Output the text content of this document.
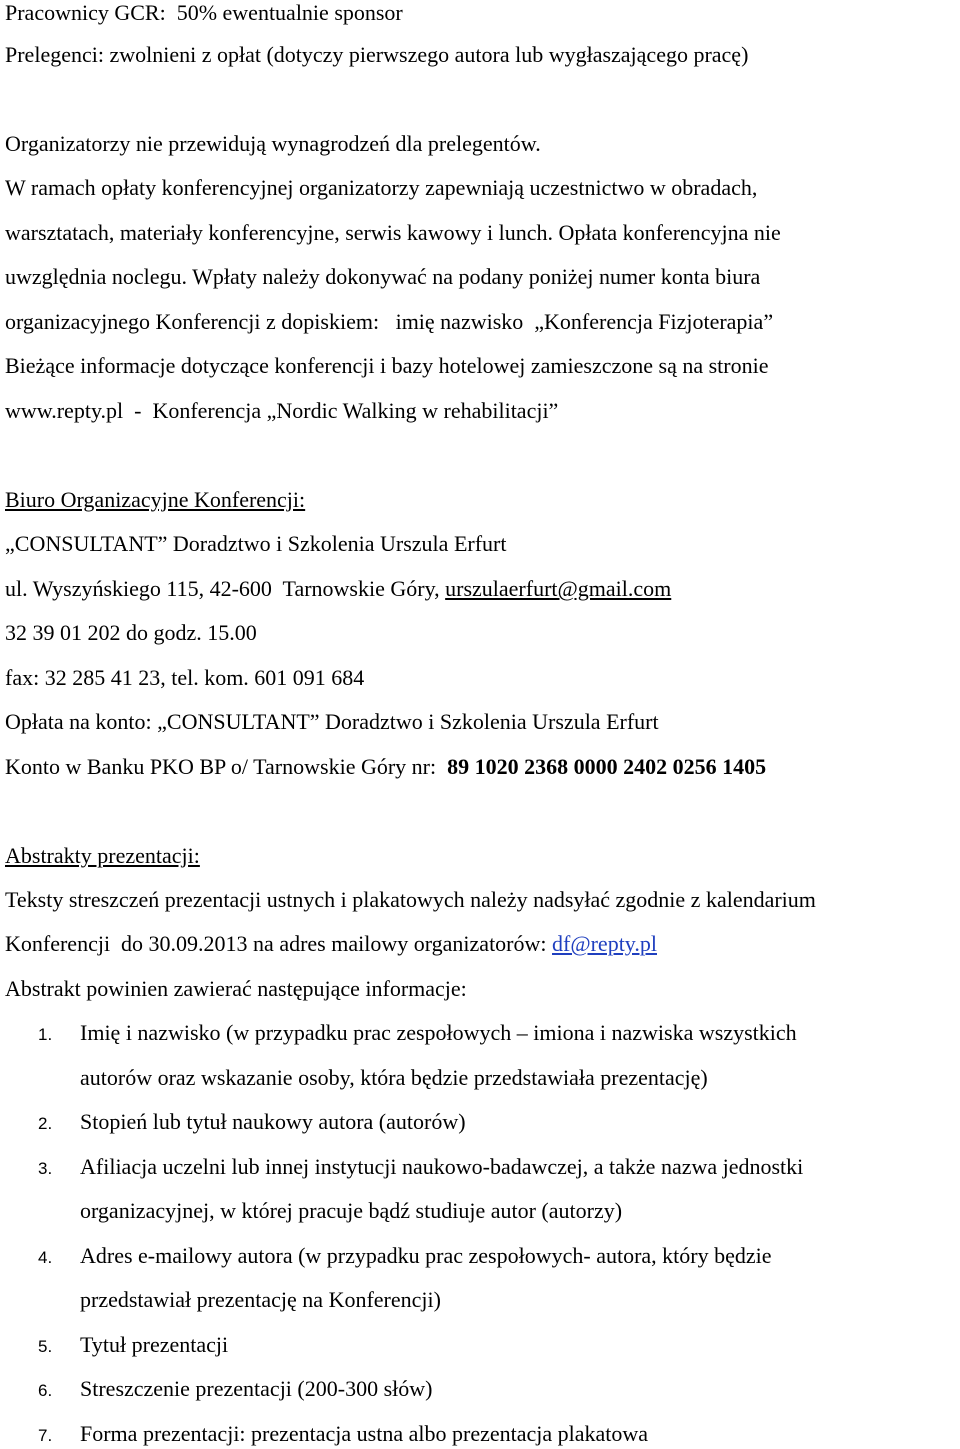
Pracownicy GCR:  50% ewentualnie sponsor
Prelegenci: zwolnieni z opłat (dotyczy pierwszego autora lub wygłaszającego pracę)
Organizatorzy nie przewidują wynagrodzeń dla prelegentów.
W ramach opłaty konferencyjnej organizatorzy zapewniają uczestnictwo w obradach,
warsztatach, materiały konferencyjne, serwis kawowy i lunch. Opłata konferencyjna nie
uwzględnia noclegu. Wpłaty należy dokonywać na podany poniżej numer konta biura
organizacyjnego Konferencji z dopiskiem:   imię nazwisko  „Konferencja Fizjoterapia”
Bieżące informacje dotyczące konferencji i bazy hotelowej zamieszczone są na stronie
www.repty.pl  -  Konferencja „Nordic Walking w rehabilitacji”
Biuro Organizacyjne Konferencji:
„CONSULTANT” Doradztwo i Szkolenia Urszula Erfurt
ul. Wyszyńskiego 115, 42-600  Tarnowskie Góry, urszulaerfurt@gmail.com
32 39 01 202 do godz. 15.00
fax: 32 285 41 23, tel. kom. 601 091 684
Opłata na konto: „CONSULTANT” Doradztwo i Szkolenia Urszula Erfurt
Konto w Banku PKO BP o/ Tarnowskie Góry nr:  89 1020 2368 0000 2402 0256 1405
Abstrakty prezentacji:
Teksty streszczeń prezentacji ustnych i plakatowych należy nadsyłać zgodnie z kalendarium
Konferencji  do 30.09.2013 na adres mailowy organizatorów: df@repty.pl
Abstrakt powinien zawierać następujące informacje:
1. Imię i nazwisko (w przypadku prac zespołowych – imiona i nazwiska wszystkich
autorów oraz wskazanie osoby, która będzie przedstawiała prezentację)
2. Stopień lub tytuł naukowy autora (autorów)
3. Afiliacja uczelni lub innej instytucji naukowo-badawczej, a także nazwa jednostki
organizacyjnej, w której pracuje bądź studiuje autor (autorzy)
4. Adres e-mailowy autora (w przypadku prac zespołowych- autora, który będzie
przedstawiał prezentację na Konferencji)
5. Tytuł prezentacji
6. Streszczenie prezentacji (200-300 słów)
7. Forma prezentacji: prezentacja ustna albo prezentacja plakatowa
